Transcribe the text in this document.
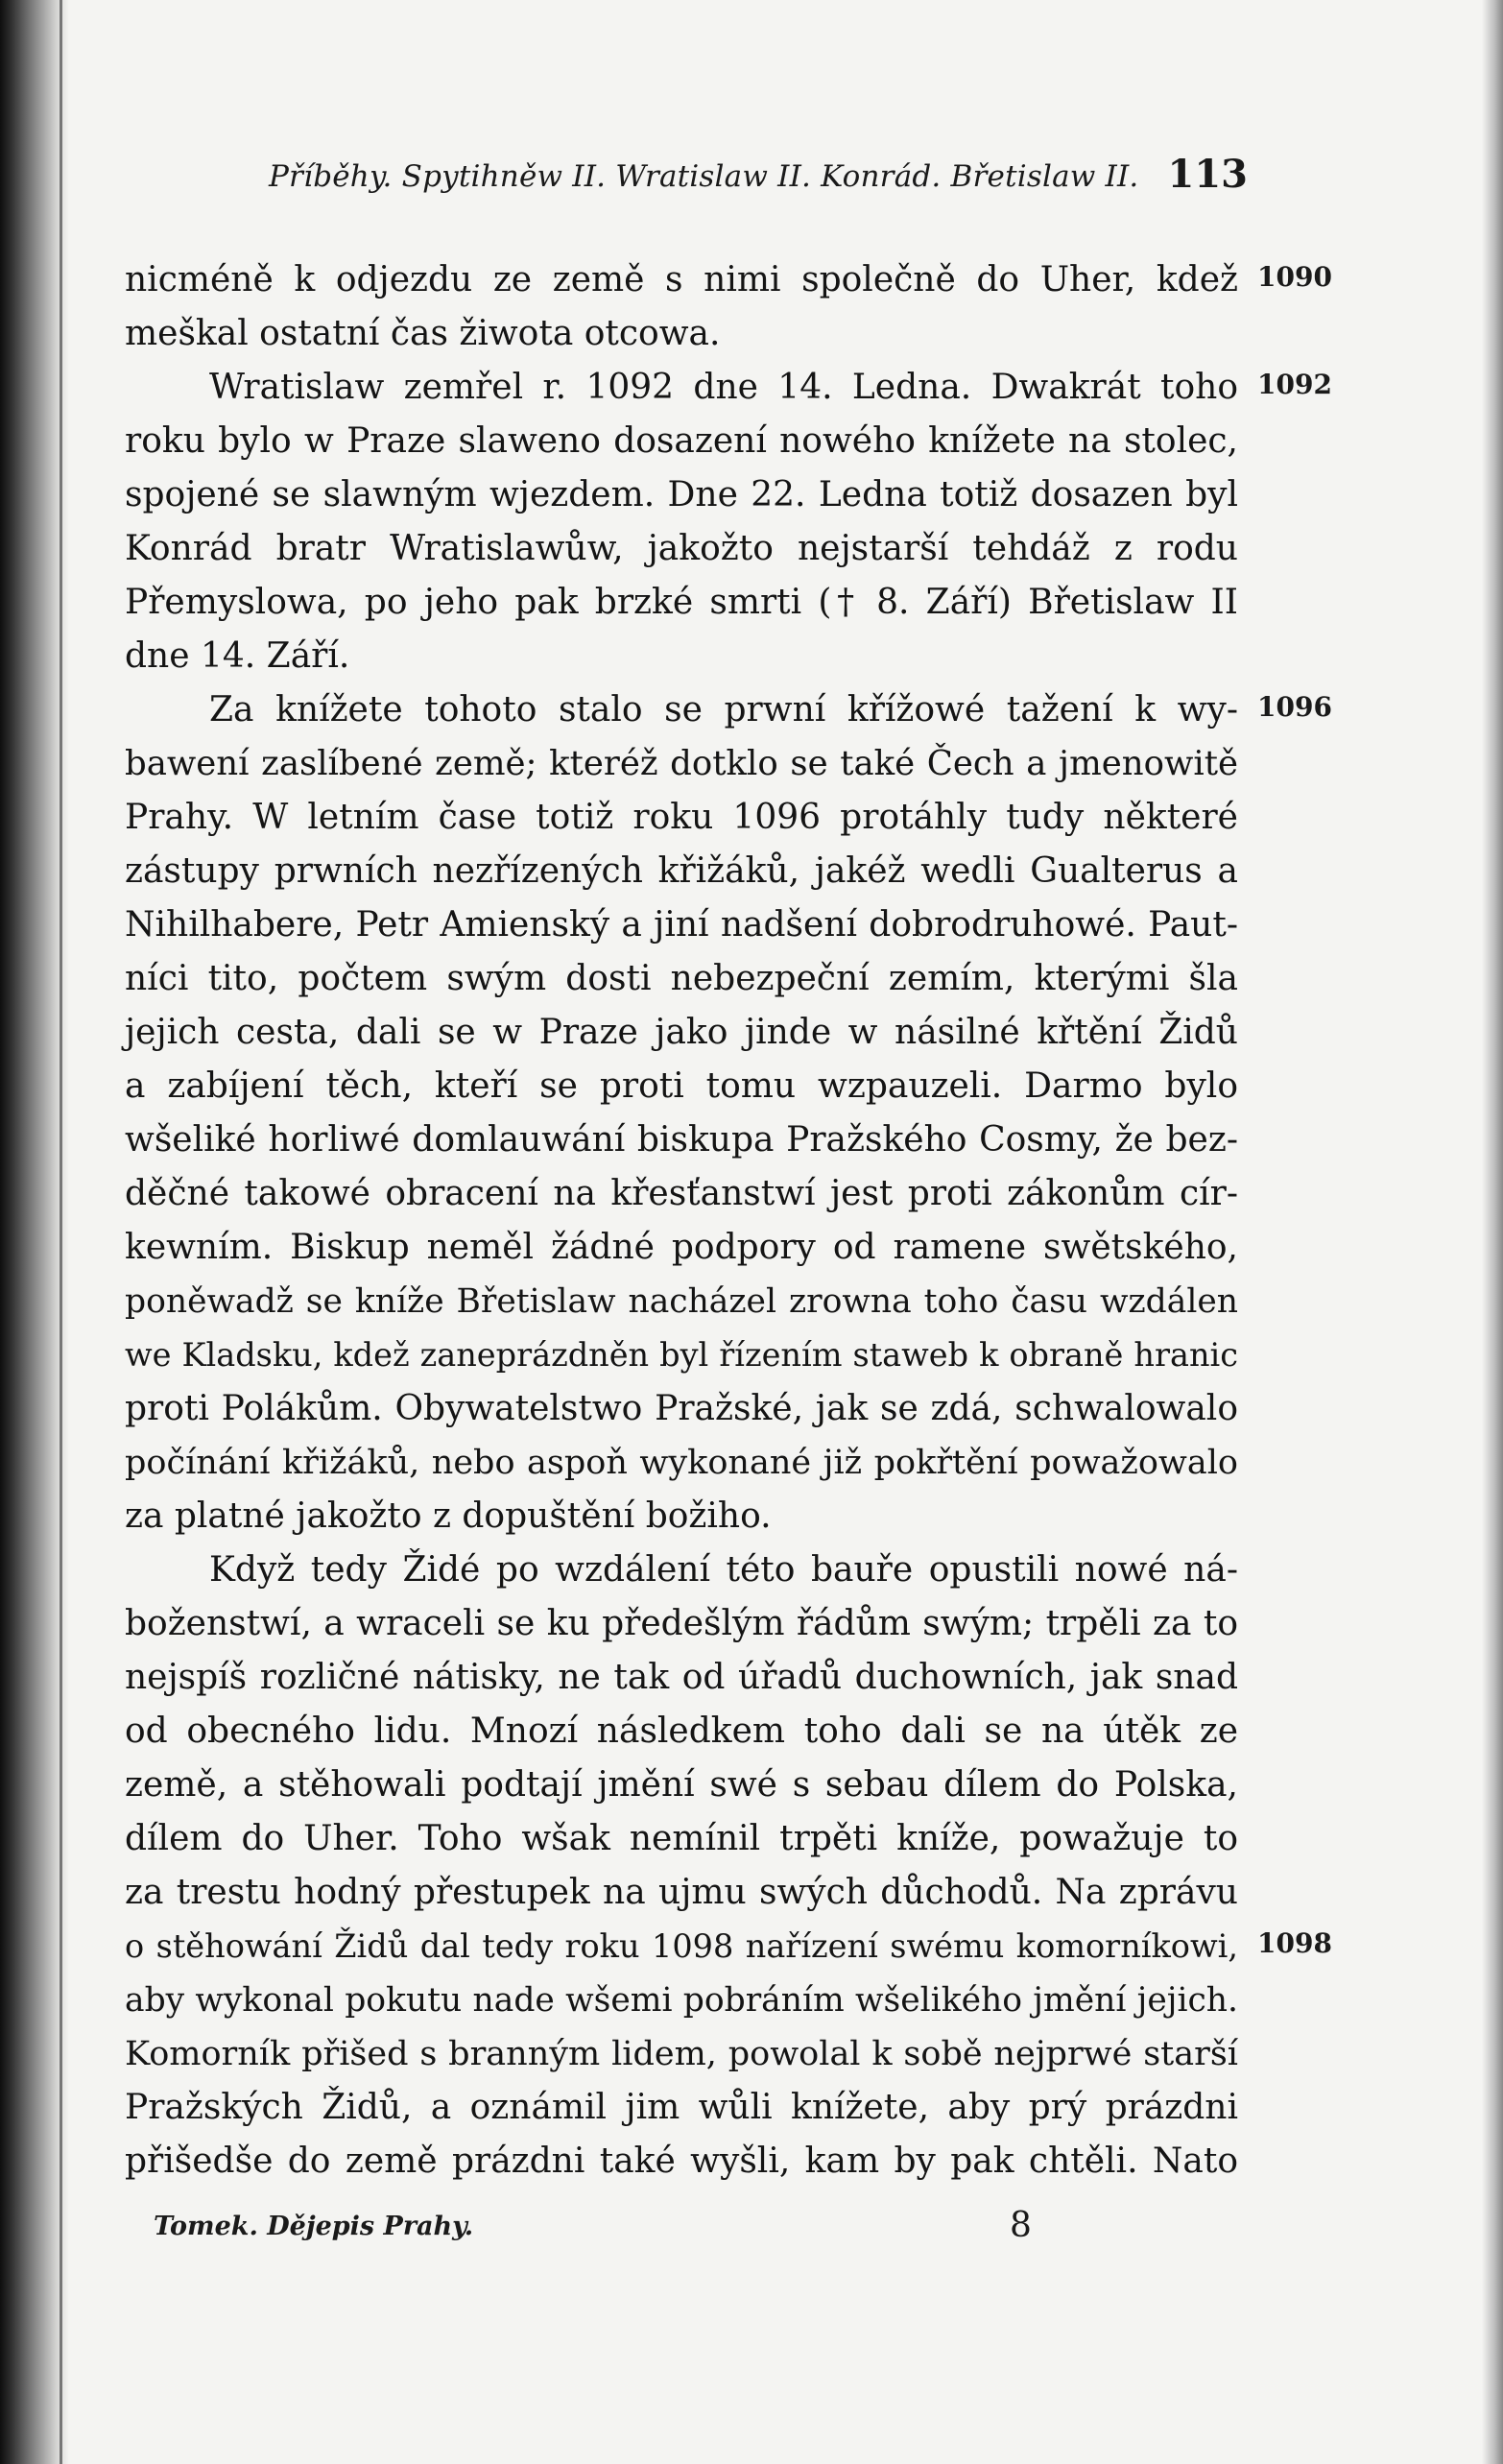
Příběhy. Spytihněw II. Wratislaw II. Konrád. Břetislaw II. 113
nicméně k odjezdu ze země s nimi společně do Uher, kdež
meškal ostatní čas žiwota otcowa.
Wratislaw zemřel r. 1092 dne 14. Ledna. Dwakrát toho
roku bylo w Praze slaweno dosazení nowého knížete na stolec,
spojené se slawným wjezdem. Dne 22. Ledna totiž dosazen byl
Konrád bratr Wratislawůw, jakožto nejstarší tehdáž z rodu
Přemyslowa, po jeho pak brzké smrti († 8. Září) Břetislaw II
dne 14. Září.
Za knížete tohoto stalo se prwní křížowé tažení k wy-
bawení zaslíbené země; kteréž dotklo se také Čech a jmenowitě
Prahy. W letním čase totiž roku 1096 protáhly tudy některé
zástupy prwních nezřízených křižáků, jakéž wedli Gualterus a
Nihilhabere, Petr Amienský a jiní nadšení dobrodruhowé. Paut-
níci tito, počtem swým dosti nebezpeční zemím, kterými šla
jejich cesta, dali se w Praze jako jinde w násilné křtění Židů
a zabíjení těch, kteří se proti tomu wzpauzeli. Darmo bylo
wšeliké horliwé domlauwání biskupa Pražského Cosmy, že bez-
děčné takowé obracení na křesťanstwí jest proti zákonům cír-
kewním. Biskup neměl žádné podpory od ramene swětského,
poněwadž se kníže Břetislaw nacházel zrowna toho času wzdálen
we Kladsku, kdež zaneprázdněn byl řízením staweb k obraně hranic
proti Polákům. Obywatelstwo Pražské, jak se zdá, schwalowalo
počínání křižáků, nebo aspoň wykonané již pokřtění powažowalo
za platné jakožto z dopuštění božiho.
Když tedy Židé po wzdálení této bauře opustili nowé ná-
boženstwí, a wraceli se ku předešlým řádům swým; trpěli za to
nejspíš rozličné nátisky, ne tak od úřadů duchowních, jak snad
od obecného lidu. Mnozí následkem toho dali se na útěk ze
země, a stěhowali podtají jmění swé s sebau dílem do Polska,
dílem do Uher. Toho wšak nemínil trpěti kníže, powažuje to
za trestu hodný přestupek na ujmu swých důchodů. Na zprávu
o stěhowání Židů dal tedy roku 1098 nařízení swému komorníkowi,
aby wykonal pokutu nade wšemi pobráním wšelikého jmění jejich.
Komorník přišed s branným lidem, powolal k sobě nejprwé starší
Pražských Židů, a oznámil jim wůli knížete, aby prý prázdni
přišedše do země prázdni také wyšli, kam by pak chtěli. Nato
1090
1092
1096
1098
Tomek. Dějepis Prahy.	8
